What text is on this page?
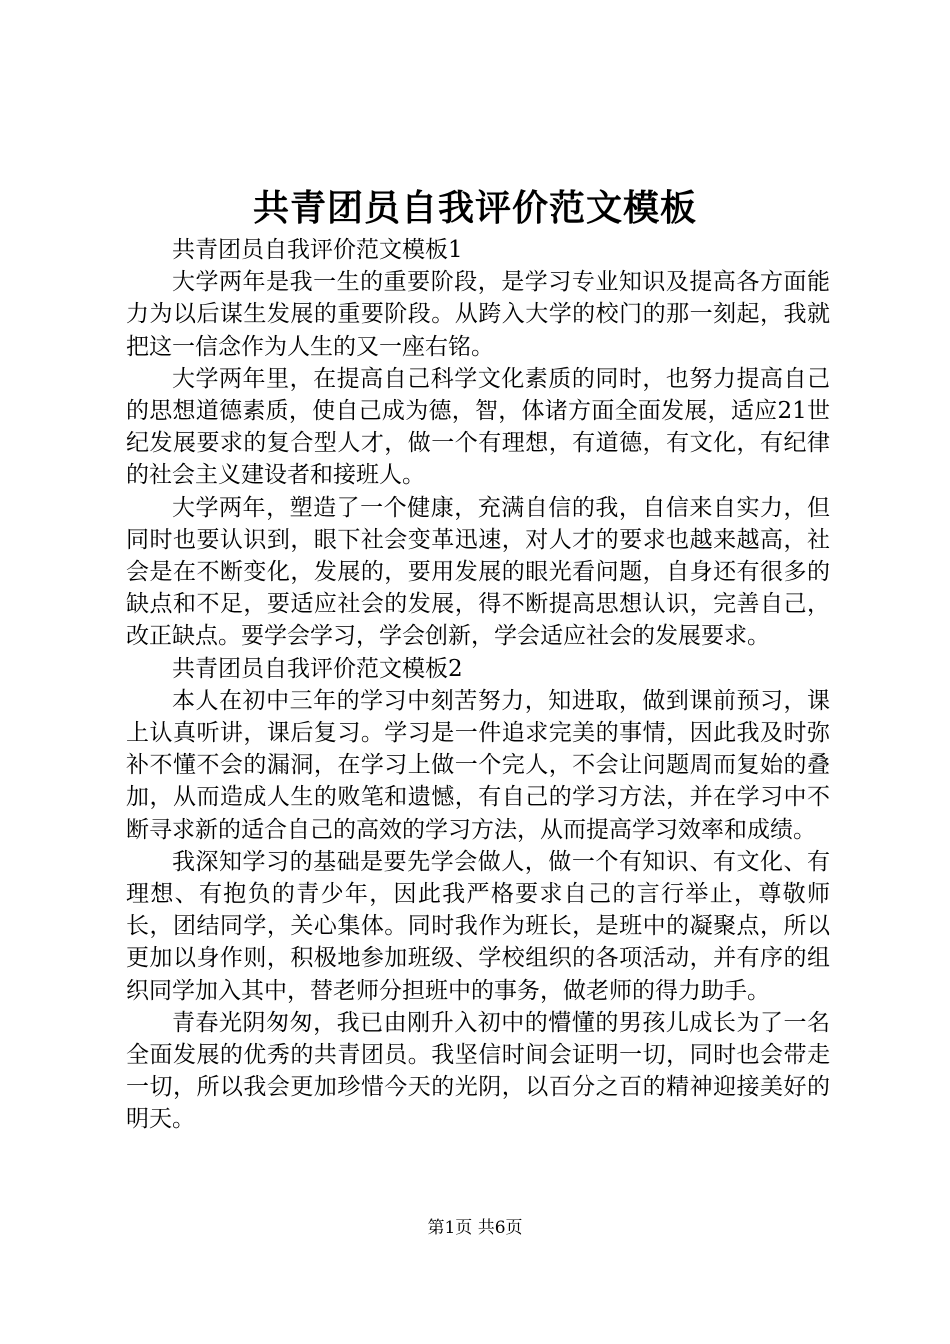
共青团员自我评价范文模板

共青团员自我评价范文模板1

大学两年是我一生的重要阶段，是学习专业知识及提高各方面能力为以后谋生发展的重要阶段。从跨入大学的校门的那一刻起，我就把这一信念作为人生的又一座右铭。

大学两年里，在提高自己科学文化素质的同时，也努力提高自己的思想道德素质，使自己成为德，智，体诸方面全面发展，适应21世纪发展要求的复合型人才，做一个有理想，有道德，有文化，有纪律的社会主义建设者和接班人。

大学两年，塑造了一个健康，充满自信的我，自信来自实力，但同时也要认识到，眼下社会变革迅速，对人才的要求也越来越高，社会是在不断变化，发展的，要用发展的眼光看问题，自身还有很多的缺点和不足，要适应社会的发展，得不断提高思想认识，完善自己，改正缺点。要学会学习，学会创新，学会适应社会的发展要求。

共青团员自我评价范文模板2

本人在初中三年的学习中刻苦努力，知进取，做到课前预习，课上认真听讲，课后复习。学习是一件追求完美的事情，因此我及时弥补不懂不会的漏洞，在学习上做一个完人，不会让问题周而复始的叠加，从而造成人生的败笔和遗憾，有自己的学习方法，并在学习中不断寻求新的适合自己的高效的学习方法，从而提高学习效率和成绩。

我深知学习的基础是要先学会做人，做一个有知识、有文化、有理想、有抱负的青少年，因此我严格要求自己的言行举止，尊敬师长，团结同学，关心集体。同时我作为班长，是班中的凝聚点，所以更加以身作则，积极地参加班级、学校组织的各项活动，并有序的组织同学加入其中，替老师分担班中的事务，做老师的得力助手。

青春光阴匆匆，我已由刚升入初中的懵懂的男孩儿成长为了一名全面发展的优秀的共青团员。我坚信时间会证明一切，同时也会带走一切，所以我会更加珍惜今天的光阴，以百分之百的精神迎接美好的明天。

第1页 共6页
